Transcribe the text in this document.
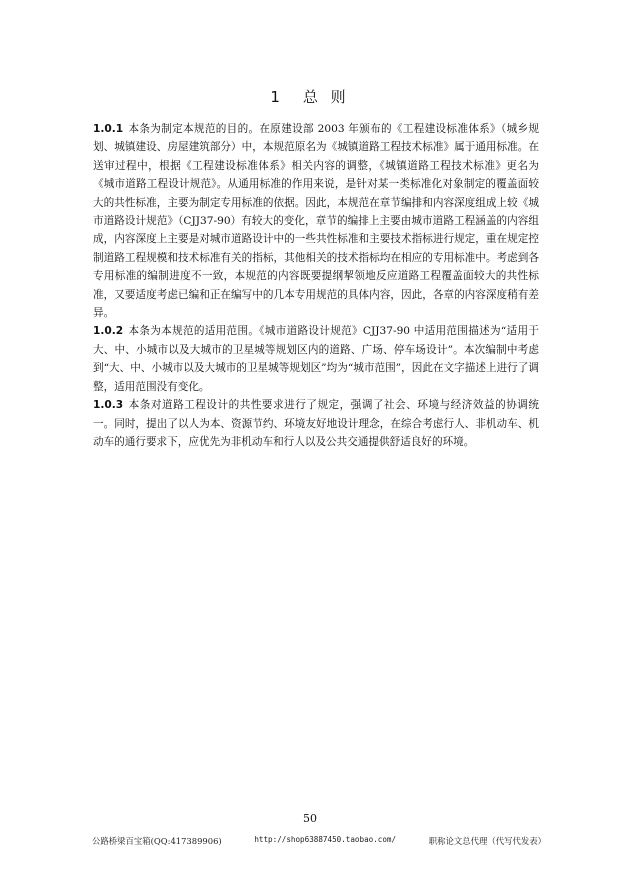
1　总 则

1.0.1 本条为制定本规范的目的。在原建设部 2003 年颁布的《工程建设标准体系》（城乡规划、城镇建设、房屋建筑部分）中，本规范原名为《城镇道路工程技术标准》属于通用标准。在送审过程中，根据《工程建设标准体系》相关内容的调整，《城镇道路工程技术标准》更名为《城市道路工程设计规范》。从通用标准的作用来说，是针对某一类标准化对象制定的覆盖面较大的共性标准，主要为制定专用标准的依据。因此，本规范在章节编排和内容深度组成上较《城市道路设计规范》（CJJ37-90）有较大的变化，章节的编排上主要由城市道路工程涵盖的内容组成，内容深度上主要是对城市道路设计中的一些共性标准和主要技术指标进行规定，重在规定控制道路工程规模和技术标准有关的指标，其他相关的技术指标均在相应的专用标准中。考虑到各专用标准的编制进度不一致，本规范的内容既要提纲挈领地反应道路工程覆盖面较大的共性标准，又要适度考虑已编和正在编写中的几本专用规范的具体内容，因此，各章的内容深度稍有差异。

1.0.2 本条为本规范的适用范围。《城市道路设计规范》CJJ37-90 中适用范围描述为“适用于大、中、小城市以及大城市的卫星城等规划区内的道路、广场、停车场设计”。本次编制中考虑到“大、中、小城市以及大城市的卫星城等规划区”均为“城市范围”，因此在文字描述上进行了调整，适用范围没有变化。

1.0.3 本条对道路工程设计的共性要求进行了规定，强调了社会、环境与经济效益的协调统一。同时，提出了以人为本、资源节约、环境友好地设计理念，在综合考虑行人、非机动车、机动车的通行要求下，应优先为非机动车和行人以及公共交通提供舒适良好的环境。

50
公路桥梁百宝箱(QQ:417389906)	http://shop63887450.taobao.com/	职称论文总代理（代写代发表）
